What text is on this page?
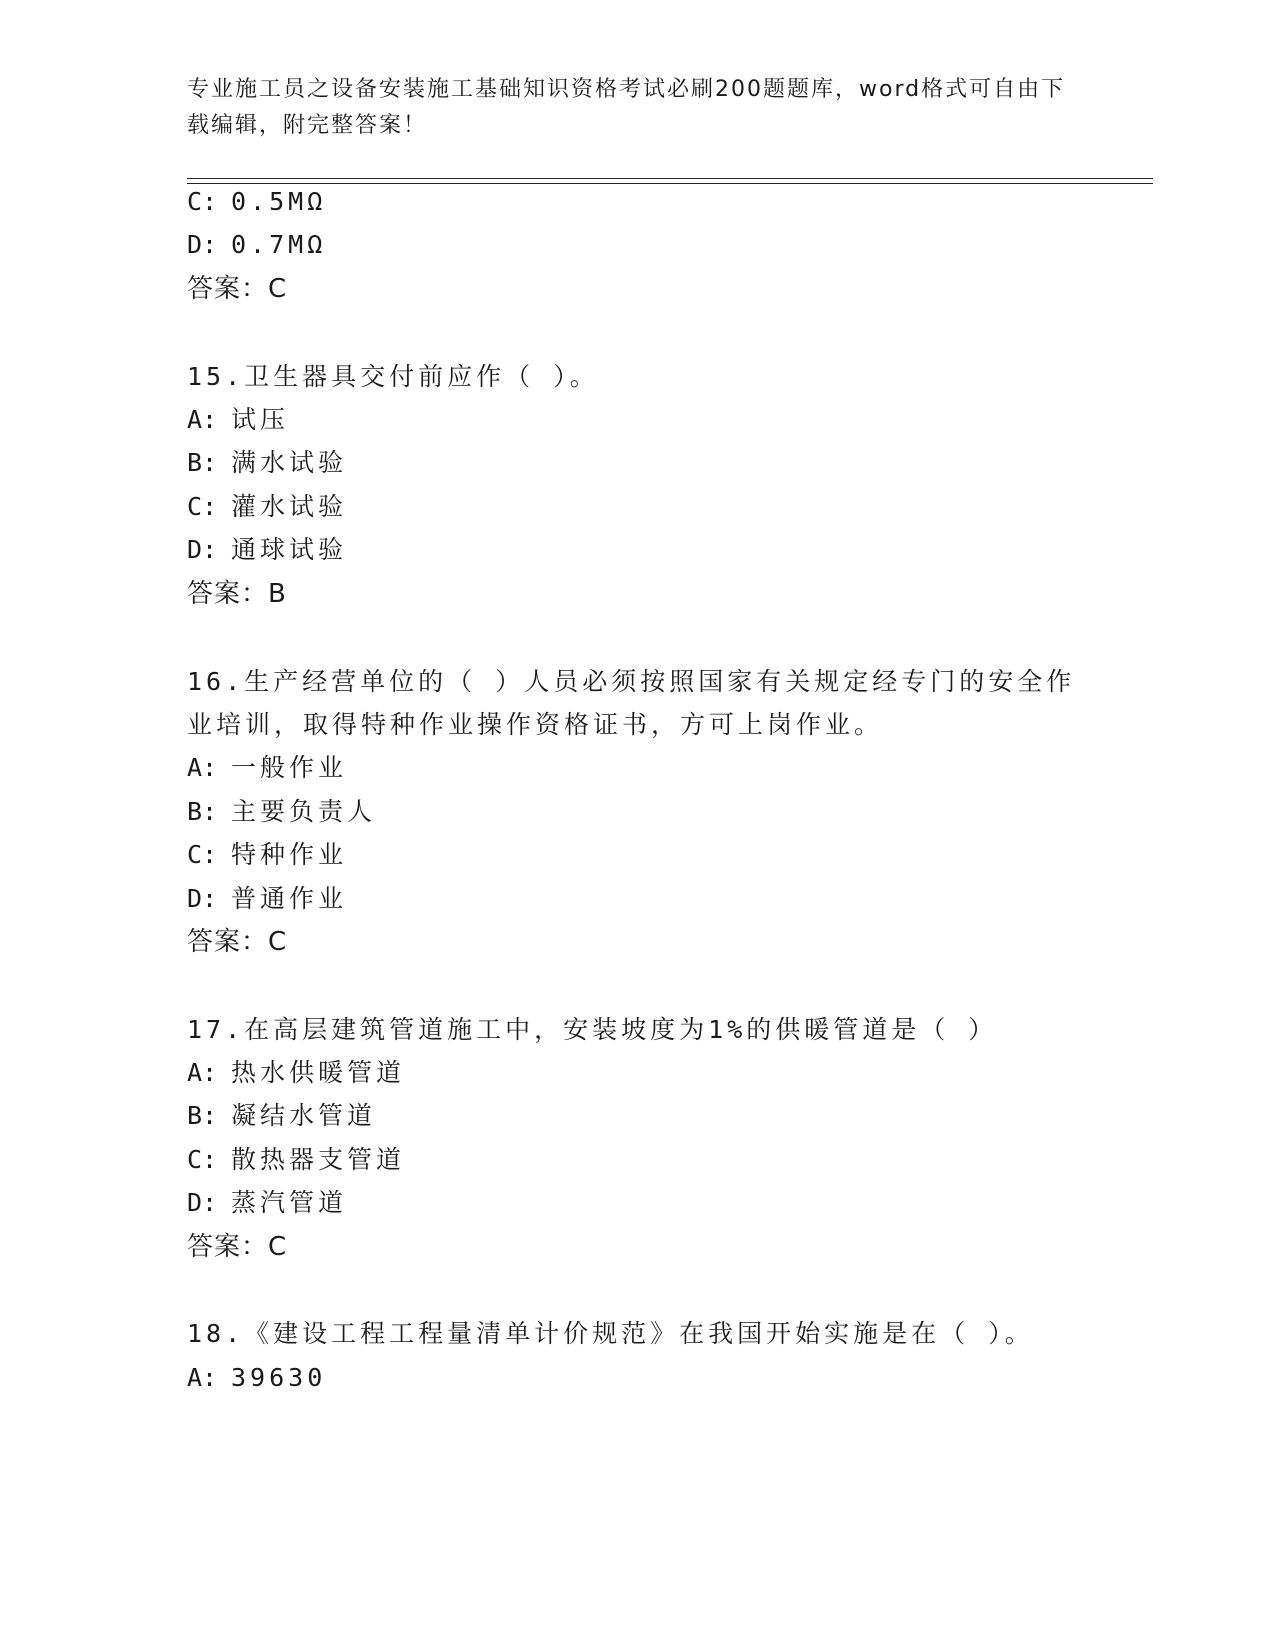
专业施工员之设备安装施工基础知识资格考试必刷200题题库，word格式可自由下载编辑，附完整答案！
C: 0.5MΩ
D: 0.7MΩ
答案：C
15.卫生器具交付前应作（ ）。
A: 试压
B: 满水试验
C: 灌水试验
D: 通球试验
答案：B
16.生产经营单位的（ ）人员必须按照国家有关规定经专门的安全作
业培训，取得特种作业操作资格证书，方可上岗作业。
A: 一般作业
B: 主要负责人
C: 特种作业
D: 普通作业
答案：C
17.在高层建筑管道施工中，安装坡度为1%的供暖管道是（ ）
A: 热水供暖管道
B: 凝结水管道
C: 散热器支管道
D: 蒸汽管道
答案：C
18.《建设工程工程量清单计价规范》在我国开始实施是在（ ）。
A: 39630
